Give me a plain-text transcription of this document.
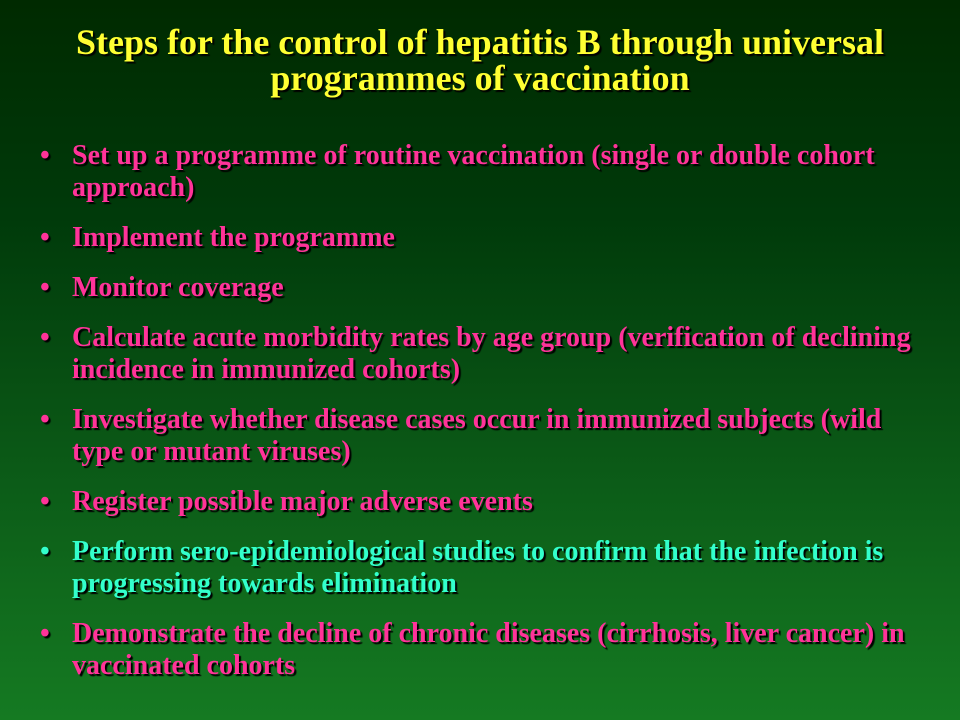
Steps for the control of hepatitis B through universal programmes of vaccination
• Set up a programme of routine vaccination (single or double cohort approach)
• Implement the programme
• Monitor coverage
• Calculate acute morbidity rates by age group (verification of declining incidence in immunized cohorts)
• Investigate whether disease cases occur in immunized subjects (wild type or mutant viruses)
• Register possible major adverse events
• Perform sero-epidemiological studies to confirm that the infection is progressing towards elimination
• Demonstrate the decline of chronic diseases (cirrhosis, liver cancer) in vaccinated cohorts
